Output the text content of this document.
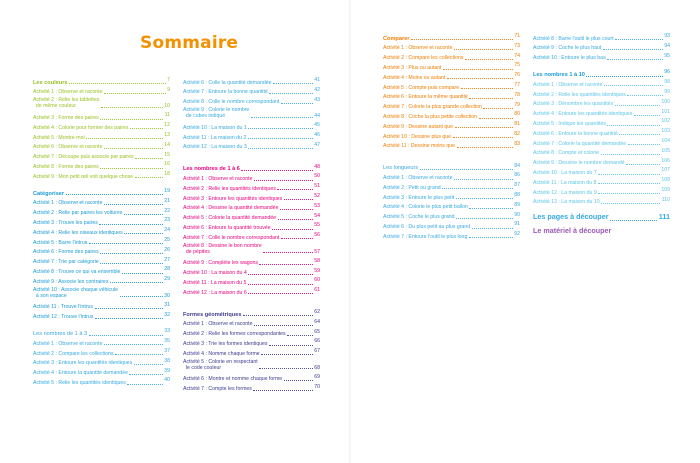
Sommaire
Les couleurs	7
Activité 1 : Observe et raconte	9
Activité 2 : Relie les tablettes
de même couleur	10
Activité 3 : Forme des paires	11
Activité 4 : Colorie pour former des paires	12
Activité 5 : Montre-moi	13
Activité 6 : Observe et raconte	14
Activité 7 : Découpe puis associe par paires	15
Activité 8 : Forme des paires	16
Activité 9 : Mon petit œil voit quelque chose	18
Catégoriser	19
Activité 1 : Observe et raconte	21
Activité 2 : Relie par paires les voitures	22
Activité 3 : Trouve les paires	23
Activité 4 : Relie les oiseaux identiques	24
Activité 5 : Barre l'intrus	25
Activité 6 : Forme des paires	26
Activité 7 : Trie par catégorie	27
Activité 8 : Trouve ce qui va ensemble	28
Activité 9 : Associe les contraires	29
Activité 10 : Associe chaque véhicule
à son espace	30
Activité 11 : Trouve l'intrus	31
Activité 12 : Trouve l'intrus	32
Les nombres de 1 à 3	33
Activité 1 : Observe et raconte	35
Activité 2 : Compare les collections	37
Activité 3 : Entoure les quantités identiques	38
Activité 4 : Entoure la quantité demandée	39
Activité 5 : Relie les quantités identiques	40
Activité 6 : Colle la quantité demandée	41
Activité 7 : Entoure la bonne quantité	42
Activité 8 : Colle le nombre correspondant	43
Activité 9 : Colorie le nombre
de cubes indiqué	44
Activité 10 : La maison du 1	45
Activité 11 : La maison du 2	46
Activité 12 : La maison du 3	47
Les nombres de 1 à 6	48
Activité 1 : Observe et raconte	50
Activité 2 : Relie les quantités identiques	51
Activité 3 : Entoure les quantités identiques	52
Activité 4 : Dessine la quantité demandée	53
Activité 5 : Colorie la quantité demandée	54
Activité 6 : Entoure la quantité trouvée	55
Activité 7 : Colle le nombre correspondant	56
Activité 8 : Dessine le bon nombre
de pépites	57
Activité 9 : Complète les wagons	58
Activité 10 : La maison du 4	59
Activité 11 : La maison du 5	60
Activité 12 : La maison du 6	61
Formes géométriques	62
Activité 1 : Observe et raconte	64
Activité 2 : Relie les formes correspondantes	65
Activité 3 : Trie les formes identiques	66
Activité 4 : Nomme chaque forme	67
Activité 5 : Colorie en respectant
le code couleur	68
Activité 6 : Montre et nomme chaque forme	69
Activité 7 : Compte les formes	70
Comparer	71
Activité 1 : Observe et raconte	73
Activité 2 : Compare les collections	74
Activité 3 : Plus ou autant	75
Activité 4 : Moins ou autant	76
Activité 5 : Compte puis compare	77
Activité 6 : Entoure la même quantité	78
Activité 7 : Colorie la plus grande collection	79
Activité 8 : Coche la plus petite collection	80
Activité 9 : Dessine autant que	81
Activité 10 : Dessine plus que	82
Activité 11 : Dessine moins que	83
Les longueurs	84
Activité 1 : Observe et raconte	86
Activité 2 : Petit ou grand	87
Activité 3 : Entoure le plus petit	88
Activité 4 : Colorie le plus petit ballon	89
Activité 5 : Coche le plus grand	90
Activité 6 : Du plus petit au plus grand	91
Activité 7 : Entoure l'outil le plus long	92
Activité 8 : Barre l'outil le plus court	93
Activité 9 : Coche le plus haut	94
Activité 10 : Entoure le plus bas	95
Les nombres 1 à 10	96
Activité 1 : Observe et raconte	98
Activité 2 : Relie les quantités identiques	99
Activité 3 : Dénombre les quantités	100
Activité 4 : Entoure les quantités identiques	101
Activité 5 : Indique les quantités	102
Activité 6 : Entoure la bonne quantité	103
Activité 7 : Colorie la quantité demandée	104
Activité 8 : Compte et colorie	105
Activité 9 : Dessine le nombre demandé	106
Activité 10 : La maison du 7	107
Activité 11 : La maison du 8	108
Activité 12 : La maison du 9	109
Activité 13 : La maison du 10	110
Les pages à découper	111
Le matériel à découper
